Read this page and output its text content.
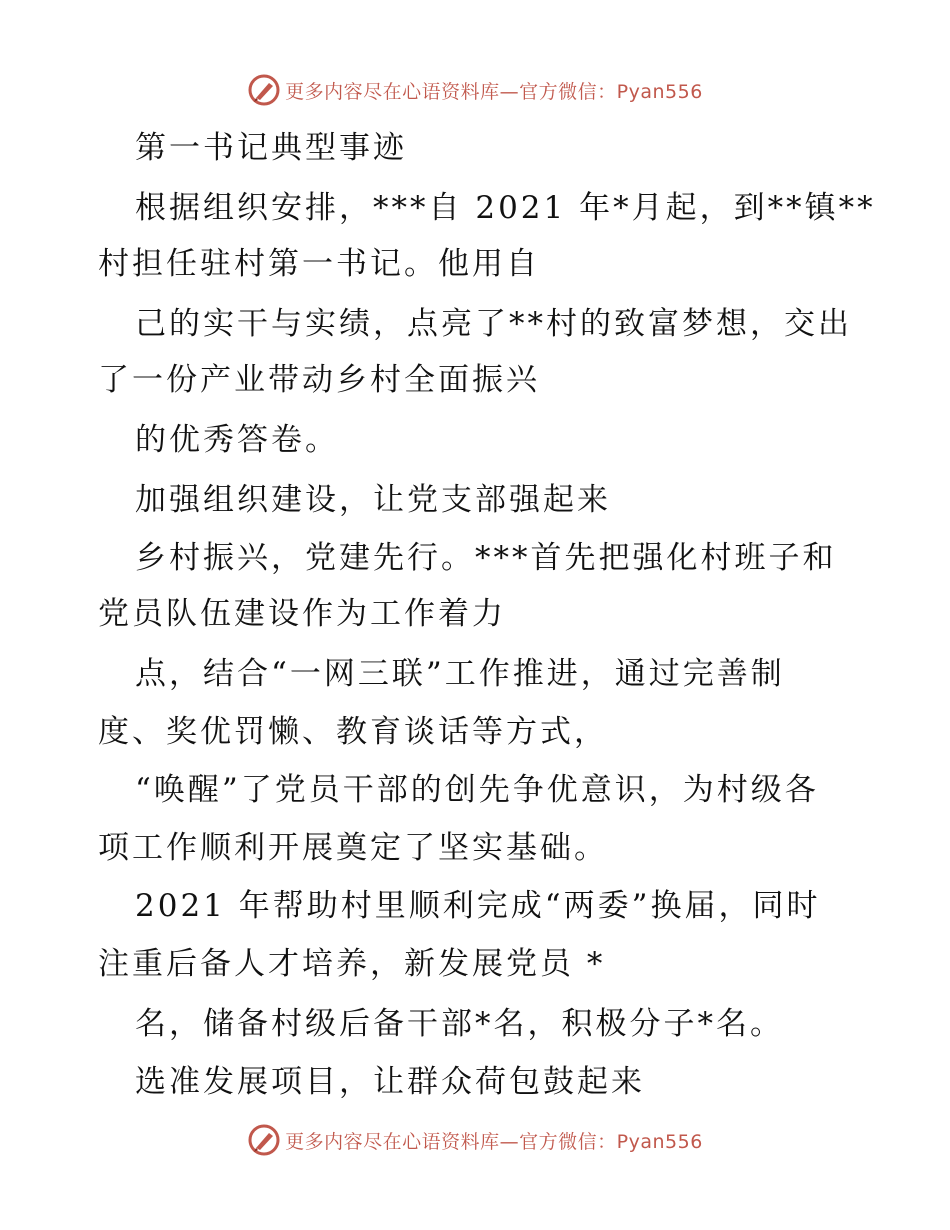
更多内容尽在心语资料库—官方微信：Pyan556
第一书记典型事迹
根据组织安排，***自 2021 年*月起，到**镇**
村担任驻村第一书记。他用自
己的实干与实绩，点亮了**村的致富梦想，交出
了一份产业带动乡村全面振兴
的优秀答卷。
加强组织建设，让党支部强起来
乡村振兴，党建先行。***首先把强化村班子和
党员队伍建设作为工作着力
点，结合“一网三联”工作推进，通过完善制
度、奖优罚懒、教育谈话等方式，
“唤醒”了党员干部的创先争优意识，为村级各
项工作顺利开展奠定了坚实基础。
2021 年帮助村里顺利完成“两委”换届，同时
注重后备人才培养，新发展党员 *
名，储备村级后备干部*名，积极分子*名。
选准发展项目，让群众荷包鼓起来
更多内容尽在心语资料库—官方微信：Pyan556
